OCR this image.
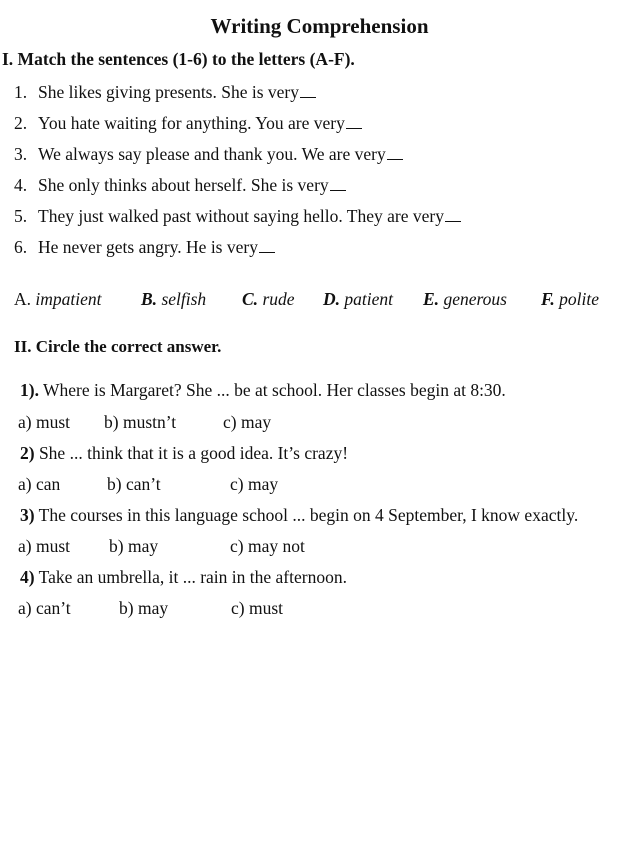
Writing Comprehension
I. Match the sentences (1-6) to the letters (A-F).
1. She likes giving presents. She is very
2. You hate waiting for anything. You are very
3. We always say please and thank you. We are very
4. She only thinks about herself. She is very
5. They just walked past without saying hello. They are very
6. He never gets angry. He is very
A. impatient B. selfish C. rude D. patient E. generous F. polite
II. Circle the correct answer.
1). Where is Margaret? She ... be at school. Her classes begin at 8:30.
a) must b) mustn’t	c) may
2) She ... think that it is a good idea. It’s crazy!
a) can	b) can’t	c) may
3) The courses in this language school ... begin on 4 September, I know exactly.
a) must b) may	c) may not
4) Take an umbrella, it ... rain in the afternoon.
a) can’t	b) may	c) must
